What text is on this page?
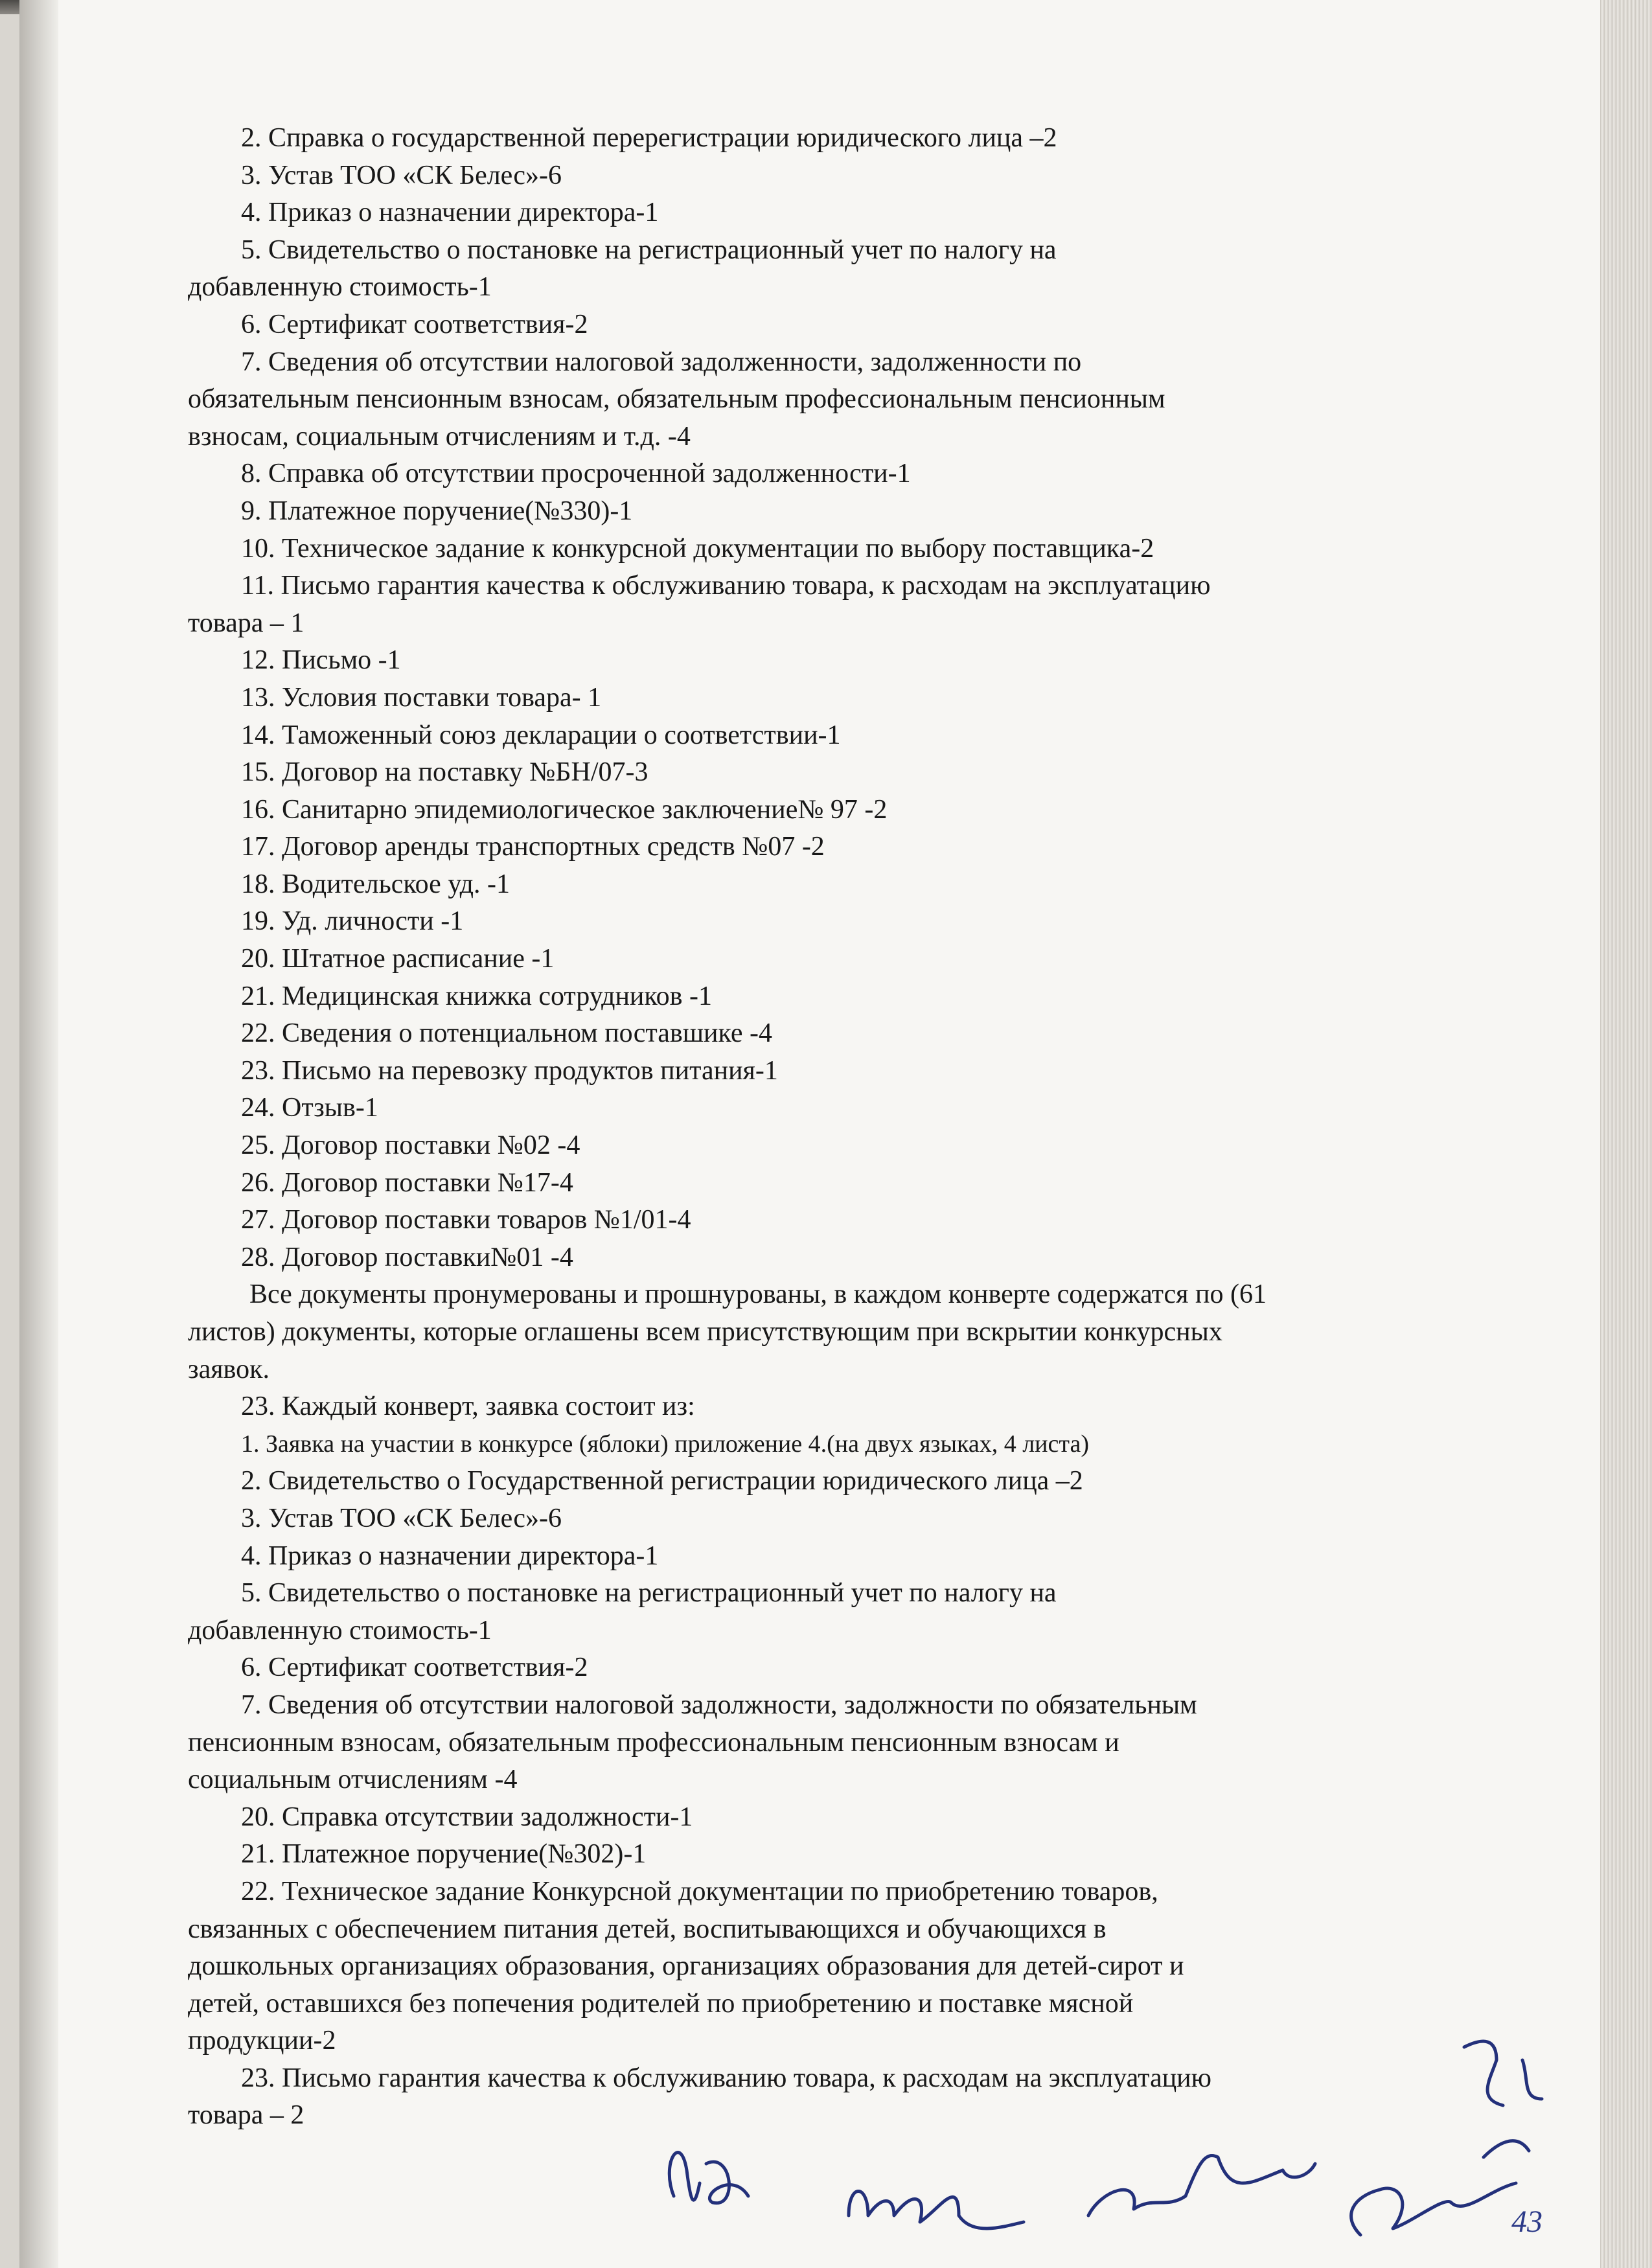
2. Справка о государственной перерегистрации юридического лица –2
3. Устав ТОО «СК Белес»-6
4. Приказ о назначении директора-1
5. Свидетельство о постановке на регистрационный учет по налогу на
добавленную стоимость-1
6. Сертификат соответствия-2
7. Сведения об отсутствии налоговой задолженности, задолженности по
обязательным пенсионным взносам, обязательным профессиональным пенсионным
взносам, социальным отчислениям и т.д. -4
8. Справка об отсутствии просроченной задолженности-1
9. Платежное поручение(№330)-1
10. Техническое задание к конкурсной документации по выбору поставщика-2
11. Письмо гарантия качества к обслуживанию товара, к расходам на эксплуатацию
товара – 1
12. Письмо -1
13. Условия поставки товара- 1
14. Таможенный союз декларации о соответствии-1
15. Договор на поставку №БН/07-3
16. Санитарно эпидемиологическое заключение№ 97 -2
17. Договор аренды транспортных средств №07 -2
18. Водительское уд. -1
19. Уд. личности -1
20. Штатное расписание -1
21. Медицинская книжка сотрудников -1
22. Сведения о потенциальном поставшике -4
23. Письмо на перевозку продуктов питания-1
24. Отзыв-1
25. Договор поставки №02 -4
26. Договор поставки №17-4
27. Договор поставки товаров №1/01-4
28. Договор поставки№01 -4
Все документы пронумерованы и прошнурованы, в каждом конверте содержатся по (61
листов) документы, которые оглашены всем присутствующим при вскрытии конкурсных
заявок.
23. Каждый конверт, заявка состоит из:
1. Заявка на участии в конкурсе (яблоки) приложение 4.(на двух языках, 4 листа)
2. Свидетельство о Государственной регистрации юридического лица –2
3. Устав ТОО «СК Белес»-6
4. Приказ о назначении директора-1
5. Свидетельство о постановке на регистрационный учет по налогу на
добавленную стоимость-1
6. Сертификат соответствия-2
7. Сведения об отсутствии налоговой задолжности, задолжности по обязательным
пенсионным взносам, обязательным профессиональным пенсионным взносам и
социальным отчислениям -4
20. Справка отсутствии задолжности-1
21. Платежное поручение(№302)-1
22. Техническое задание Конкурсной документации по приобретению товаров,
связанных с обеспечением питания детей, воспитывающихся и обучающихся в
дошкольных организациях образования, организациях образования для детей-сирот и
детей, оставшихся без попечения родителей по приобретению и поставке мясной
продукции-2
23. Письмо гарантия качества к обслуживанию товара, к расходам на эксплуатацию
товара – 2
43
